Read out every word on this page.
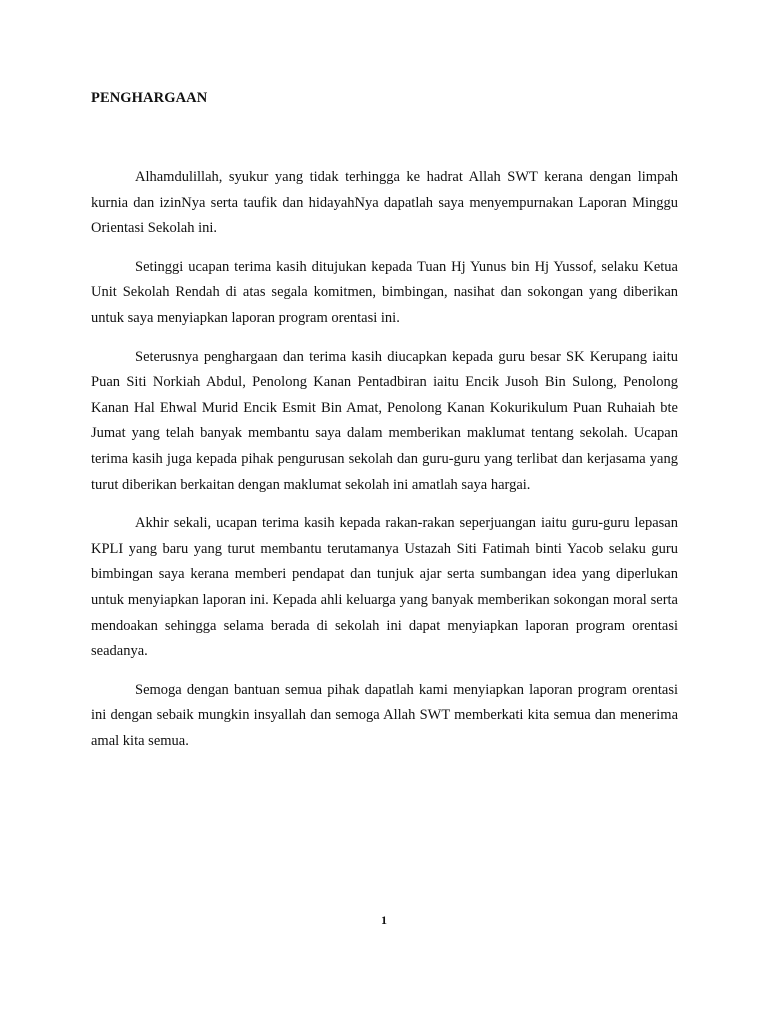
PENGHARGAAN

Alhamdulillah, syukur yang tidak terhingga ke hadrat Allah SWT kerana dengan limpah kurnia dan izinNya serta taufik dan hidayahNya dapatlah saya menyempurnakan Laporan Minggu Orientasi Sekolah ini.

Setinggi ucapan terima kasih ditujukan kepada Tuan Hj Yunus bin Hj Yussof, selaku Ketua Unit Sekolah Rendah di atas segala komitmen, bimbingan, nasihat dan sokongan yang diberikan untuk saya menyiapkan laporan program orentasi ini.

Seterusnya penghargaan dan terima kasih diucapkan kepada guru besar SK Kerupang iaitu Puan Siti Norkiah Abdul, Penolong Kanan Pentadbiran iaitu Encik Jusoh Bin Sulong, Penolong Kanan Hal Ehwal Murid Encik Esmit Bin Amat, Penolong Kanan Kokurikulum Puan Ruhaiah bte Jumat yang telah banyak membantu saya dalam memberikan maklumat tentang sekolah. Ucapan terima kasih juga kepada pihak pengurusan sekolah dan guru-guru yang terlibat dan kerjasama yang turut diberikan berkaitan dengan maklumat sekolah ini amatlah saya hargai.

Akhir sekali, ucapan terima kasih kepada rakan-rakan seperjuangan iaitu guru-guru lepasan KPLI yang baru yang turut membantu terutamanya Ustazah Siti Fatimah binti Yacob selaku guru bimbingan saya kerana memberi pendapat dan tunjuk ajar serta sumbangan idea yang diperlukan untuk menyiapkan laporan ini. Kepada ahli keluarga yang banyak memberikan sokongan moral serta mendoakan sehingga selama berada di sekolah ini dapat menyiapkan laporan program orentasi seadanya.

Semoga dengan bantuan semua pihak dapatlah kami menyiapkan laporan program orentasi ini dengan sebaik mungkin insyallah dan semoga Allah SWT memberkati kita semua dan menerima amal kita semua.

1
